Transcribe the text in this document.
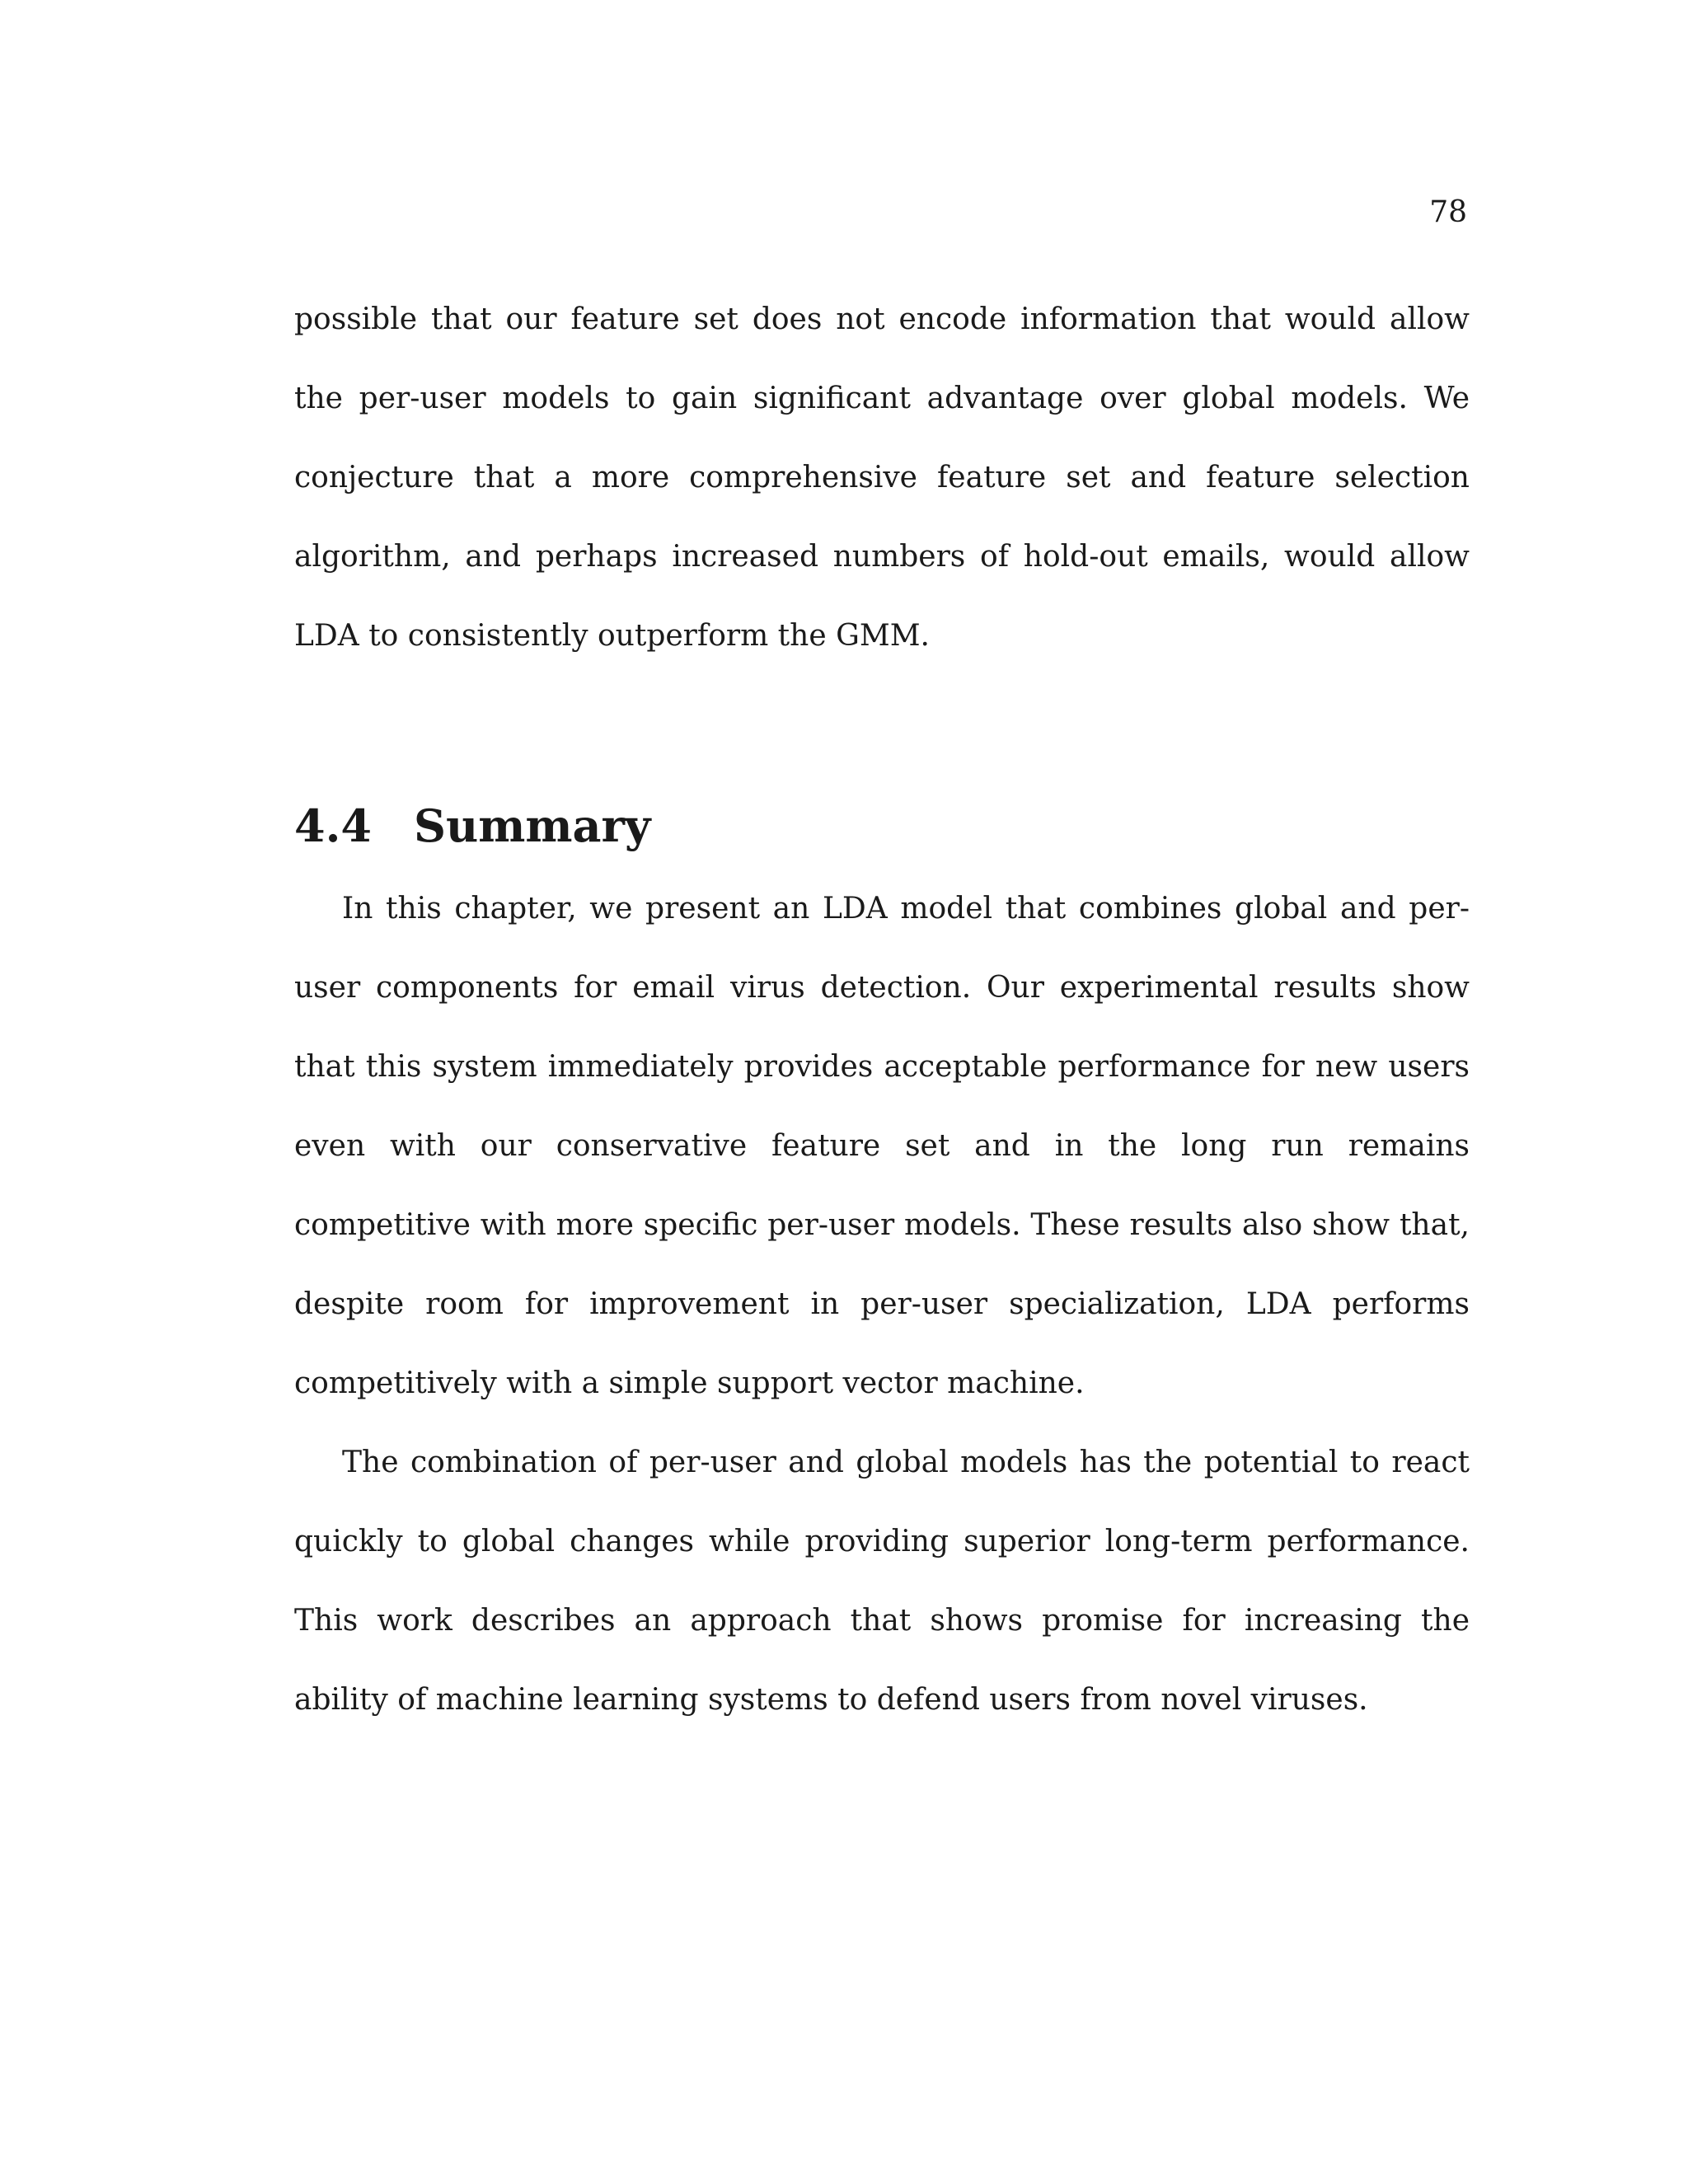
78

possible that our feature set does not encode information that would allow the per-user models to gain significant advantage over global models. We conjecture that a more comprehensive feature set and feature selection algorithm, and perhaps increased numbers of hold-out emails, would allow LDA to consistently outperform the GMM.

4.4 Summary

In this chapter, we present an LDA model that combines global and per-user components for email virus detection. Our experimental results show that this system immediately provides acceptable performance for new users even with our conservative feature set and in the long run remains competitive with more specific per-user models. These results also show that, despite room for improvement in per-user specialization, LDA performs competitively with a simple support vector machine.

The combination of per-user and global models has the potential to react quickly to global changes while providing superior long-term performance. This work describes an approach that shows promise for increasing the ability of machine learning systems to defend users from novel viruses.
